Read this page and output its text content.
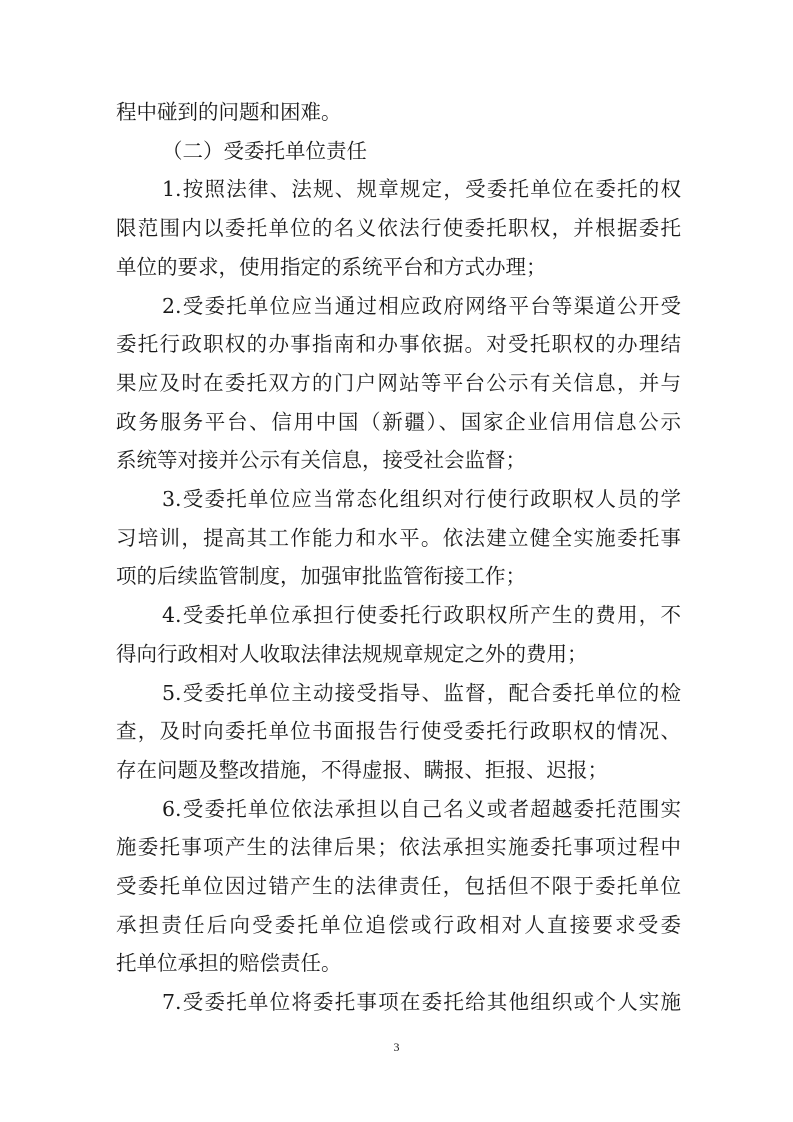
程中碰到的问题和困难。
（二）受委托单位责任
1.按照法律、法规、规章规定，受委托单位在委托的权
限范围内以委托单位的名义依法行使委托职权，并根据委托
单位的要求，使用指定的系统平台和方式办理；
2.受委托单位应当通过相应政府网络平台等渠道公开受
委托行政职权的办事指南和办事依据。对受托职权的办理结
果应及时在委托双方的门户网站等平台公示有关信息，并与
政务服务平台、信用中国（新疆）、国家企业信用信息公示
系统等对接并公示有关信息，接受社会监督；
3.受委托单位应当常态化组织对行使行政职权人员的学
习培训，提高其工作能力和水平。依法建立健全实施委托事
项的后续监管制度，加强审批监管衔接工作；
4.受委托单位承担行使委托行政职权所产生的费用，不
得向行政相对人收取法律法规规章规定之外的费用；
5.受委托单位主动接受指导、监督，配合委托单位的检
查，及时向委托单位书面报告行使受委托行政职权的情况、
存在问题及整改措施，不得虚报、瞒报、拒报、迟报；
6.受委托单位依法承担以自己名义或者超越委托范围实
施委托事项产生的法律后果；依法承担实施委托事项过程中
受委托单位因过错产生的法律责任，包括但不限于委托单位
承担责任后向受委托单位追偿或行政相对人直接要求受委
托单位承担的赔偿责任。
7.受委托单位将委托事项在委托给其他组织或个人实施
3
